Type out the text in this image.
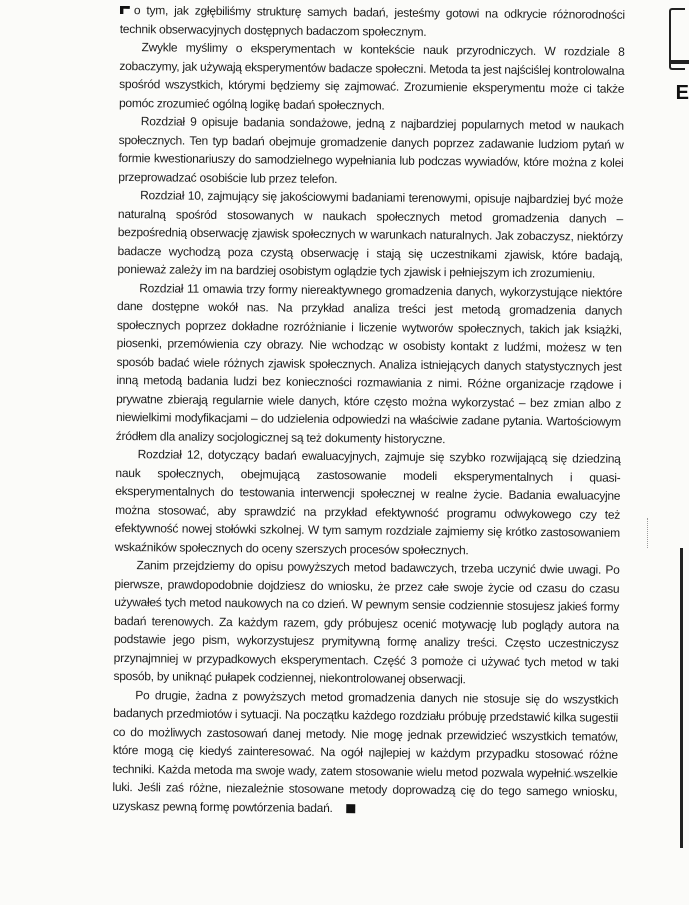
o tym, jak zgłębiliśmy strukturę samych badań, jesteśmy gotowi na odkrycie różnorodności technik obserwacyjnych dostępnych badaczom społecznym.

Zwykle myślimy o eksperymentach w kontekście nauk przyrodniczych. W rozdziale 8 zobaczymy, jak używają eksperymentów badacze społeczni. Metoda ta jest najściślej kontrolowalna spośród wszystkich, którymi będziemy się zajmować. Zrozumienie eksperymentu może ci także pomóc zrozumieć ogólną logikę badań społecznych.

Rozdział 9 opisuje badania sondażowe, jedną z najbardziej popularnych metod w naukach społecznych. Ten typ badań obejmuje gromadzenie danych poprzez zadawanie ludziom pytań w formie kwestionariuszy do samodzielnego wypełniania lub podczas wywiadów, które można z kolei przeprowadzać osobiście lub przez telefon.

Rozdział 10, zajmujący się jakościowymi badaniami terenowymi, opisuje najbardziej być może naturalną spośród stosowanych w naukach społecznych metod gromadzenia danych – bezpośrednią obserwację zjawisk społecznych w warunkach naturalnych. Jak zobaczysz, niektórzy badacze wychodzą poza czystą obserwację i stają się uczestnikami zjawisk, które badają, ponieważ zależy im na bardziej osobistym oglądzie tych zjawisk i pełniejszym ich zrozumieniu.

Rozdział 11 omawia trzy formy niereaktywnego gromadzenia danych, wykorzystujące niektóre dane dostępne wokół nas. Na przykład analiza treści jest metodą gromadzenia danych społecznych poprzez dokładne rozróżnianie i liczenie wytworów społecznych, takich jak książki, piosenki, przemówienia czy obrazy. Nie wchodząc w osobisty kontakt z ludźmi, możesz w ten sposób badać wiele różnych zjawisk społecznych. Analiza istniejących danych statystycznych jest inną metodą badania ludzi bez konieczności rozmawiania z nimi. Różne organizacje rządowe i prywatne zbierają regularnie wiele danych, które często można wykorzystać – bez zmian albo z niewielkimi modyfikacjami – do udzielenia odpowiedzi na właściwie zadane pytania. Wartościowym źródłem dla analizy socjologicznej są też dokumenty historyczne.

Rozdział 12, dotyczący badań ewaluacyjnych, zajmuje się szybko rozwijającą się dziedziną nauk społecznych, obejmującą zastosowanie modeli eksperymentalnych i quasi-eksperymentalnych do testowania interwencji społecznej w realne życie. Badania ewaluacyjne można stosować, aby sprawdzić na przykład efektywność programu odwykowego czy też efektywność nowej stołówki szkolnej. W tym samym rozdziale zajmiemy się krótko zastosowaniem wskaźników społecznych do oceny szerszych procesów społecznych.

Zanim przejdziemy do opisu powyższych metod badawczych, trzeba uczynić dwie uwagi. Po pierwsze, prawdopodobnie dojdziesz do wniosku, że przez całe swoje życie od czasu do czasu używałeś tych metod naukowych na co dzień. W pewnym sensie codziennie stosujesz jakieś formy badań terenowych. Za każdym razem, gdy próbujesz ocenić motywację lub poglądy autora na podstawie jego pism, wykorzystujesz prymitywną formę analizy treści. Często uczestniczysz przynajmniej w przypadkowych eksperymentach. Część 3 pomoże ci używać tych metod w taki sposób, by uniknąć pułapek codziennej, niekontrolowanej obserwacji.

Po drugie, żadna z powyższych metod gromadzenia danych nie stosuje się do wszystkich badanych przedmiotów i sytuacji. Na początku każdego rozdziału próbuję przedstawić kilka sugestii co do możliwych zastosowań danej metody. Nie mogę jednak przewidzieć wszystkich tematów, które mogą cię kiedyś zainteresować. Na ogół najlepiej w każdym przypadku stosować różne techniki. Każda metoda ma swoje wady, zatem stosowanie wielu metod pozwala wypełnić wszelkie luki. Jeśli zaś różne, niezależnie stosowane metody doprowadzą cię do tego samego wniosku, uzyskasz pewną formę powtórzenia badań.

E
